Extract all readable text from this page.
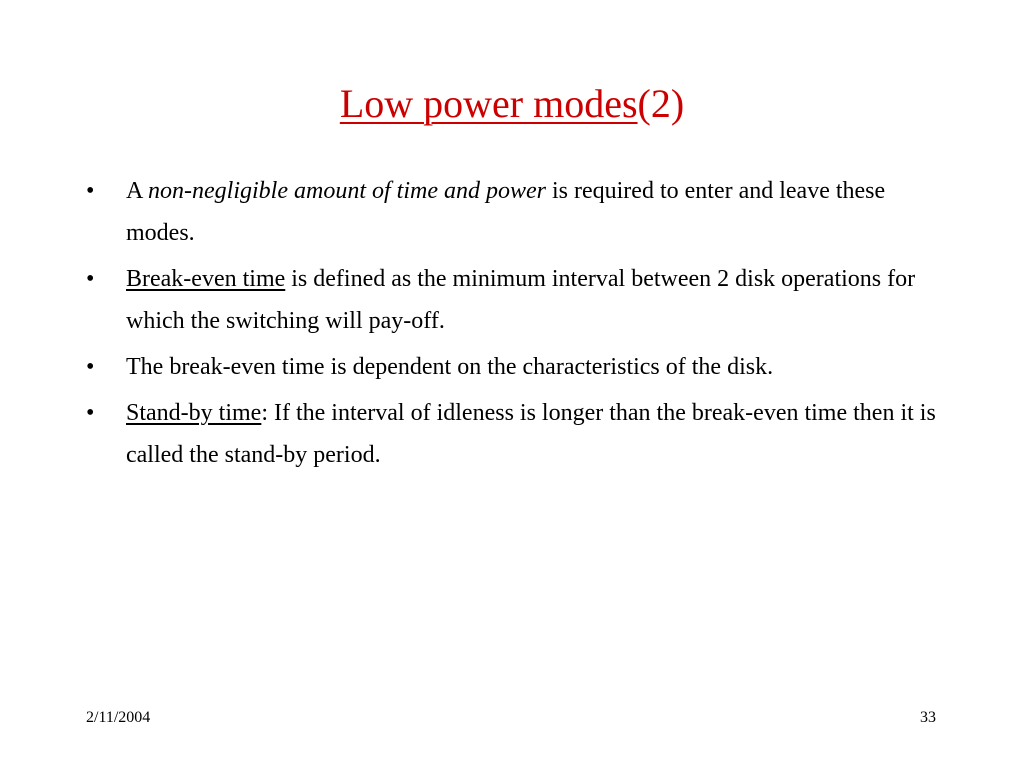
Low power modes(2)
• A non-negligible amount of time and power is required to enter and leave these modes.
• Break-even time is defined as the minimum interval between 2 disk operations for which the switching will pay-off.
• The break-even time is dependent on the characteristics of the disk.
• Stand-by time: If the interval of idleness is longer than the break-even time then it is called the stand-by period.
2/11/2004	33
